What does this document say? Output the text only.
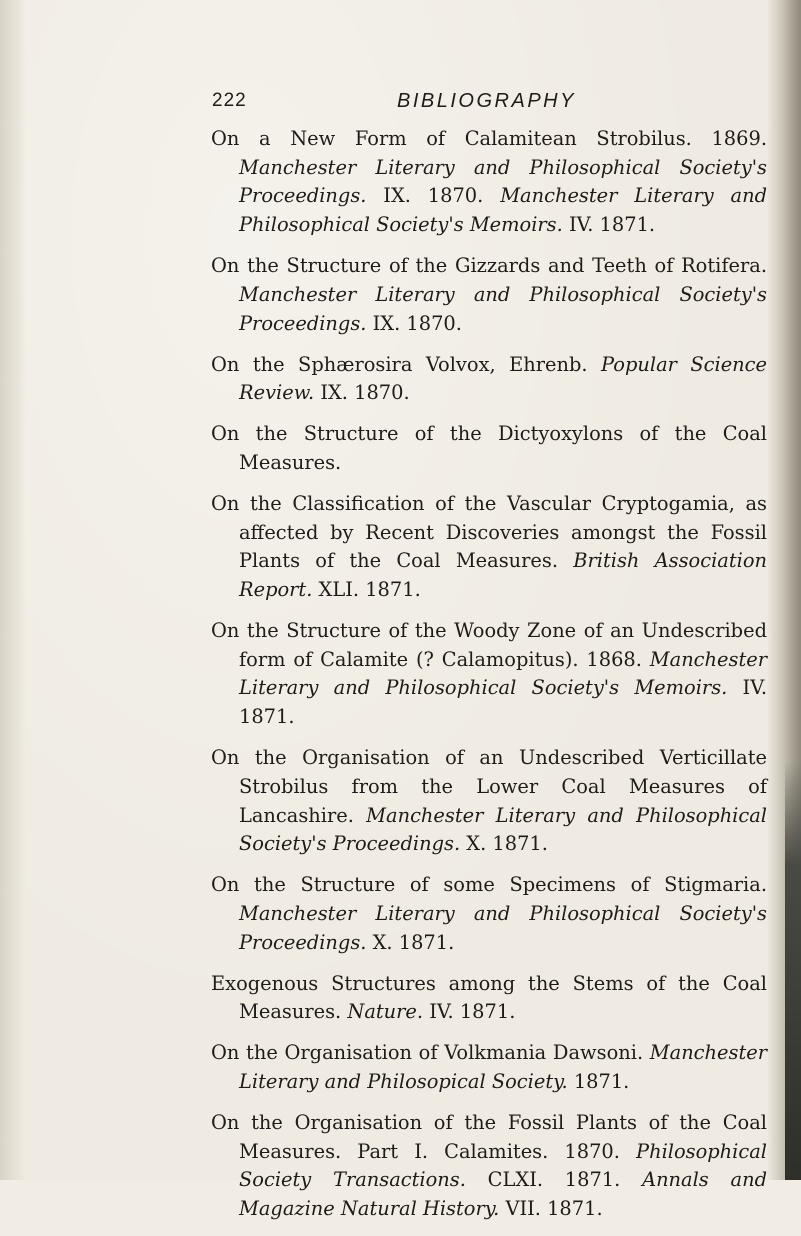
222	BIBLIOGRAPHY

On a New Form of Calamitean Strobilus. 1869. Manchester Literary and Philosophical Society's Proceedings. IX. 1870. Manchester Literary and Philosophical Society's Memoirs. IV. 1871.

On the Structure of the Gizzards and Teeth of Rotifera. Manchester Literary and Philosophical Society's Proceedings. IX. 1870.

On the Sphærosira Volvox, Ehrenb. Popular Science Review. IX. 1870.

On the Structure of the Dictyoxylons of the Coal Measures.

On the Classification of the Vascular Cryptogamia, as affected by Recent Discoveries amongst the Fossil Plants of the Coal Measures. British Association Report. XLI. 1871.

On the Structure of the Woody Zone of an Undescribed form of Calamite (? Calamopitus). 1868. Manchester Literary and Philosophical Society's Memoirs. IV. 1871.

On the Organisation of an Undescribed Verticillate Strobilus from the Lower Coal Measures of Lancashire. Manchester Literary and Philosophical Society's Proceedings. X. 1871.

On the Structure of some Specimens of Stigmaria. Manchester Literary and Philosophical Society's Proceedings. X. 1871.

Exogenous Structures among the Stems of the Coal Measures. Nature. IV. 1871.

On the Organisation of Volkmania Dawsoni. Manchester Literary and Philosopical Society. 1871.

On the Organisation of the Fossil Plants of the Coal Measures. Part I. Calamites. 1870. Philosophical Society Transactions. CLXI. 1871. Annals and Magazine Natural History. VII. 1871.
